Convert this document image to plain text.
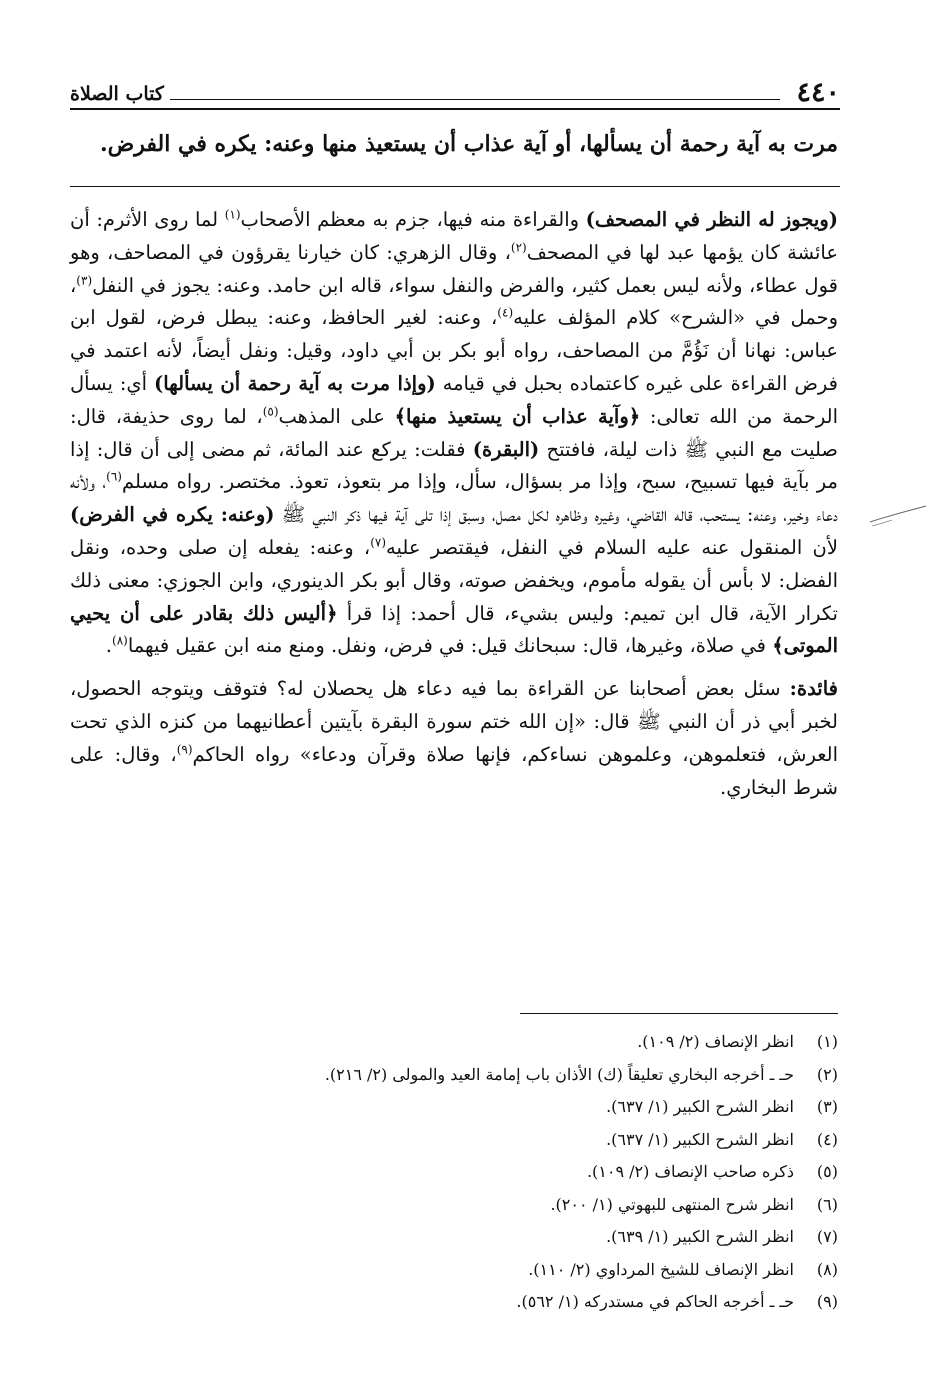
٤٤٠
كتاب الصلاة
مرت به آية رحمة أن يسألها، أو آية عذاب أن يستعيذ منها وعنه: يكره في الفرض.

(ويجوز له النظر في المصحف) والقراءة منه فيها، جزم به معظم الأصحاب$^{(١)}$ لما روى الأثرم: أن عائشة كان يؤمها عبد لها في المصحف$^{(٢)}$، وقال الزهري: كان خيارنا يقرؤون في المصاحف، وهو قول عطاء، ولأنه ليس بعمل كثير، والفرض والنفل سواء، قاله ابن حامد. وعنه: يجوز في النفل$^{(٣)}$، وحمل في «الشرح» كلام المؤلف عليه$^{(٤)}$، وعنه: لغير الحافظ، وعنه: يبطل فرض، لقول ابن عباس: نهانا أن نَؤُمَّ من المصاحف، رواه أبو بكر بن أبي داود، وقيل: ونفل أيضاً، لأنه اعتمد في فرض القراءة على غيره كاعتماده بحبل في قيامه (وإذا مرت به آية رحمة أن يسألها) أي: يسأل الرحمة من الله تعالى: ﴿وآية عذاب أن يستعيذ منها﴾ على المذهب$^{(٥)}$، لما روى حذيفة، قال: صليت مع النبي ﷺ ذات ليلة، فافتتح (البقرة) فقلت: يركع عند المائة، ثم مضى إلى أن قال: إذا مر بآية فيها تسبيح، سبح، وإذا مر بسؤال، سأل، وإذا مر بتعوذ، تعوذ. مختصر. رواه مسلم$^{(٦)}$، ولأنه دعاء وخير، وعنه: يستحب، قاله القاضي، وغيره وظاهره لكل مصل، وسبق إذا تلى آية فيها ذكر النبي ﷺ (وعنه: يكره في الفرض) لأن المنقول عنه عليه السلام في النفل، فيقتصر عليه$^{(٧)}$، وعنه: يفعله إن صلى وحده، ونقل الفضل: لا بأس أن يقوله مأموم، ويخفض صوته، وقال أبو بكر الدينوري، وابن الجوزي: معنى ذلك تكرار الآية، قال ابن تميم: وليس بشيء، قال أحمد: إذا قرأ ﴿أليس ذلك بقادر على أن يحيي الموتى﴾ في صلاة، وغيرها، قال: سبحانك قيل: في فرض، ونفل. ومنع منه ابن عقيل فيهما$^{(٨)}$.

فائدة: سئل بعض أصحابنا عن القراءة بما فيه دعاء هل يحصلان له؟ فتوقف ويتوجه الحصول، لخبر أبي ذر أن النبي ﷺ قال: «إن الله ختم سورة البقرة بآيتين أعطانيهما من كنزه الذي تحت العرش، فتعلموهن، وعلموهن نساءكم، فإنها صلاة وقرآن ودعاء» رواه الحاكم$^{(٩)}$، وقال: على شرط البخاري.

(١)
انظر الإنصاف (٢/ ١٠٩).
(٢)
حـ ـ أخرجه البخاري تعليقاً (ك) الأذان باب إمامة العيد والمولى (٢/ ٢١٦).
(٣)
انظر الشرح الكبير (١/ ٦٣٧).
(٤)
انظر الشرح الكبير (١/ ٦٣٧).
(٥)
ذكره صاحب الإنصاف (٢/ ١٠٩).
(٦)
انظر شرح المنتهى للبهوتي (١/ ٢٠٠).
(٧)
انظر الشرح الكبير (١/ ٦٣٩).
(٨)
انظر الإنصاف للشيخ المرداوي (٢/ ١١٠).
(٩)
حـ ـ أخرجه الحاكم في مستدركه (١/ ٥٦٢).
